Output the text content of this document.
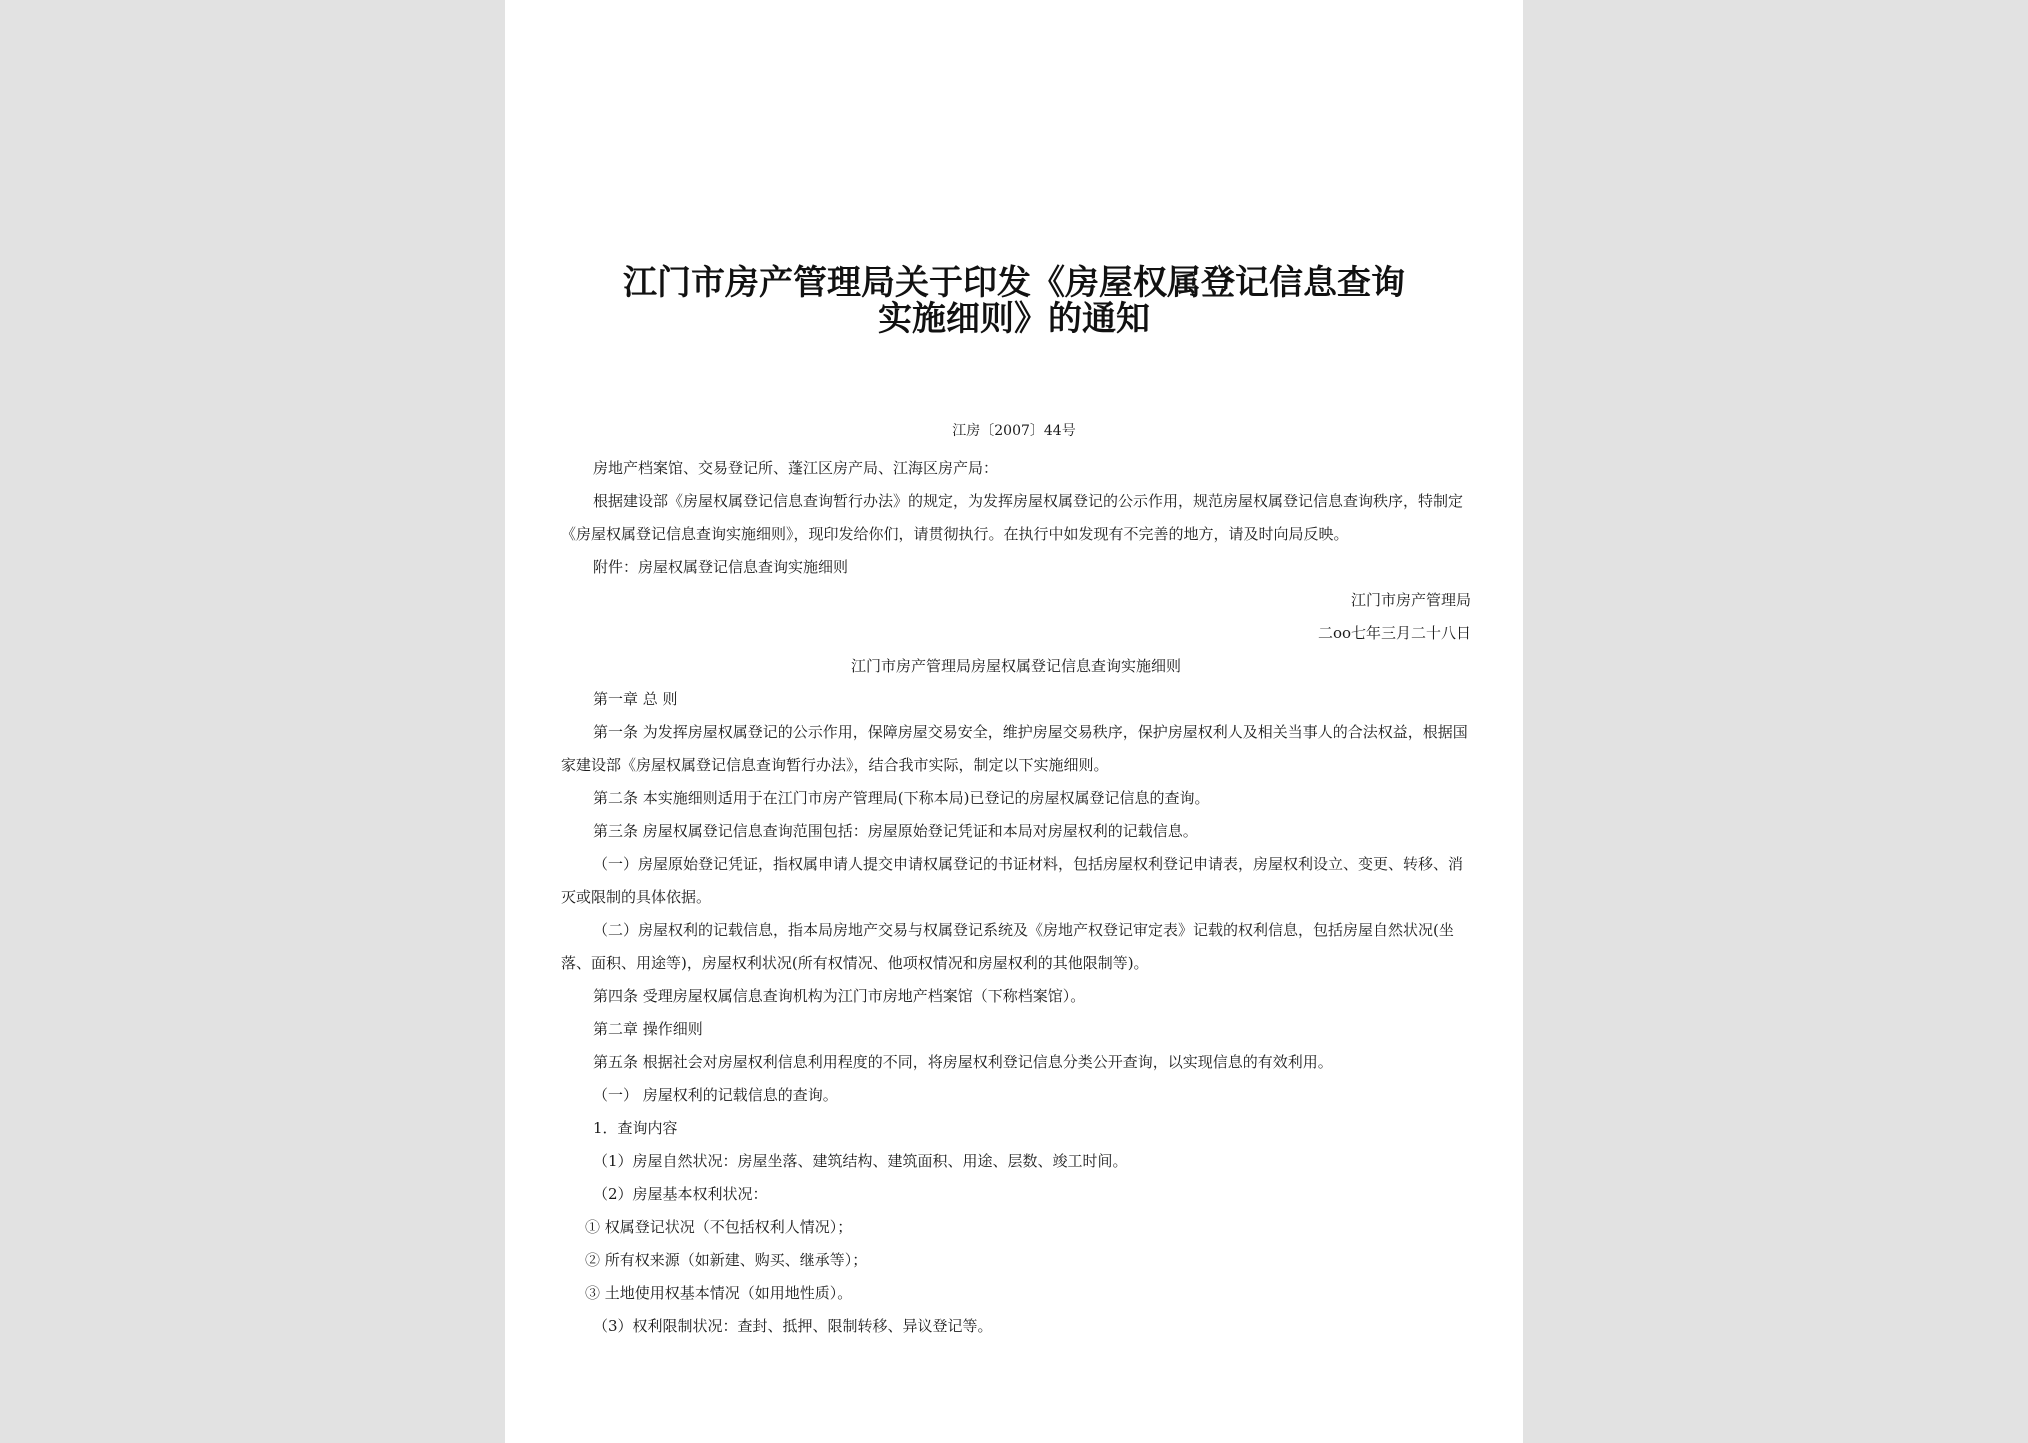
江门市房产管理局关于印发《房屋权属登记信息查询
实施细则》的通知

江房〔2007〕44号

房地产档案馆、交易登记所、蓬江区房产局、江海区房产局：

根据建设部《房屋权属登记信息查询暂行办法》的规定，为发挥房屋权属登记的公示作用，规范房屋权属登记信息查询秩序，特制定《房屋权属登记信息查询实施细则》，现印发给你们，请贯彻执行。在执行中如发现有不完善的地方，请及时向局反映。

附件：房屋权属登记信息查询实施细则

江门市房产管理局

二oo七年三月二十八日

江门市房产管理局房屋权属登记信息查询实施细则

第一章 总 则

第一条 为发挥房屋权属登记的公示作用，保障房屋交易安全，维护房屋交易秩序，保护房屋权利人及相关当事人的合法权益，根据国家建设部《房屋权属登记信息查询暂行办法》，结合我市实际，制定以下实施细则。

第二条 本实施细则适用于在江门市房产管理局(下称本局)已登记的房屋权属登记信息的查询。

第三条 房屋权属登记信息查询范围包括：房屋原始登记凭证和本局对房屋权利的记载信息。

（一）房屋原始登记凭证，指权属申请人提交申请权属登记的书证材料，包括房屋权利登记申请表，房屋权利设立、变更、转移、消灭或限制的具体依据。

（二）房屋权利的记载信息，指本局房地产交易与权属登记系统及《房地产权登记审定表》记载的权利信息，包括房屋自然状况(坐落、面积、用途等)，房屋权利状况(所有权情况、他项权情况和房屋权利的其他限制等)。

第四条 受理房屋权属信息查询机构为江门市房地产档案馆（下称档案馆）。

第二章 操作细则

第五条 根据社会对房屋权利信息利用程度的不同，将房屋权利登记信息分类公开查询，以实现信息的有效利用。

（一） 房屋权利的记载信息的查询。

1．查询内容

（1）房屋自然状况：房屋坐落、建筑结构、建筑面积、用途、层数、竣工时间。

（2）房屋基本权利状况：

① 权属登记状况（不包括权利人情况）；

② 所有权来源（如新建、购买、继承等）；

③ 土地使用权基本情况（如用地性质）。

（3）权利限制状况：查封、抵押、限制转移、异议登记等。
